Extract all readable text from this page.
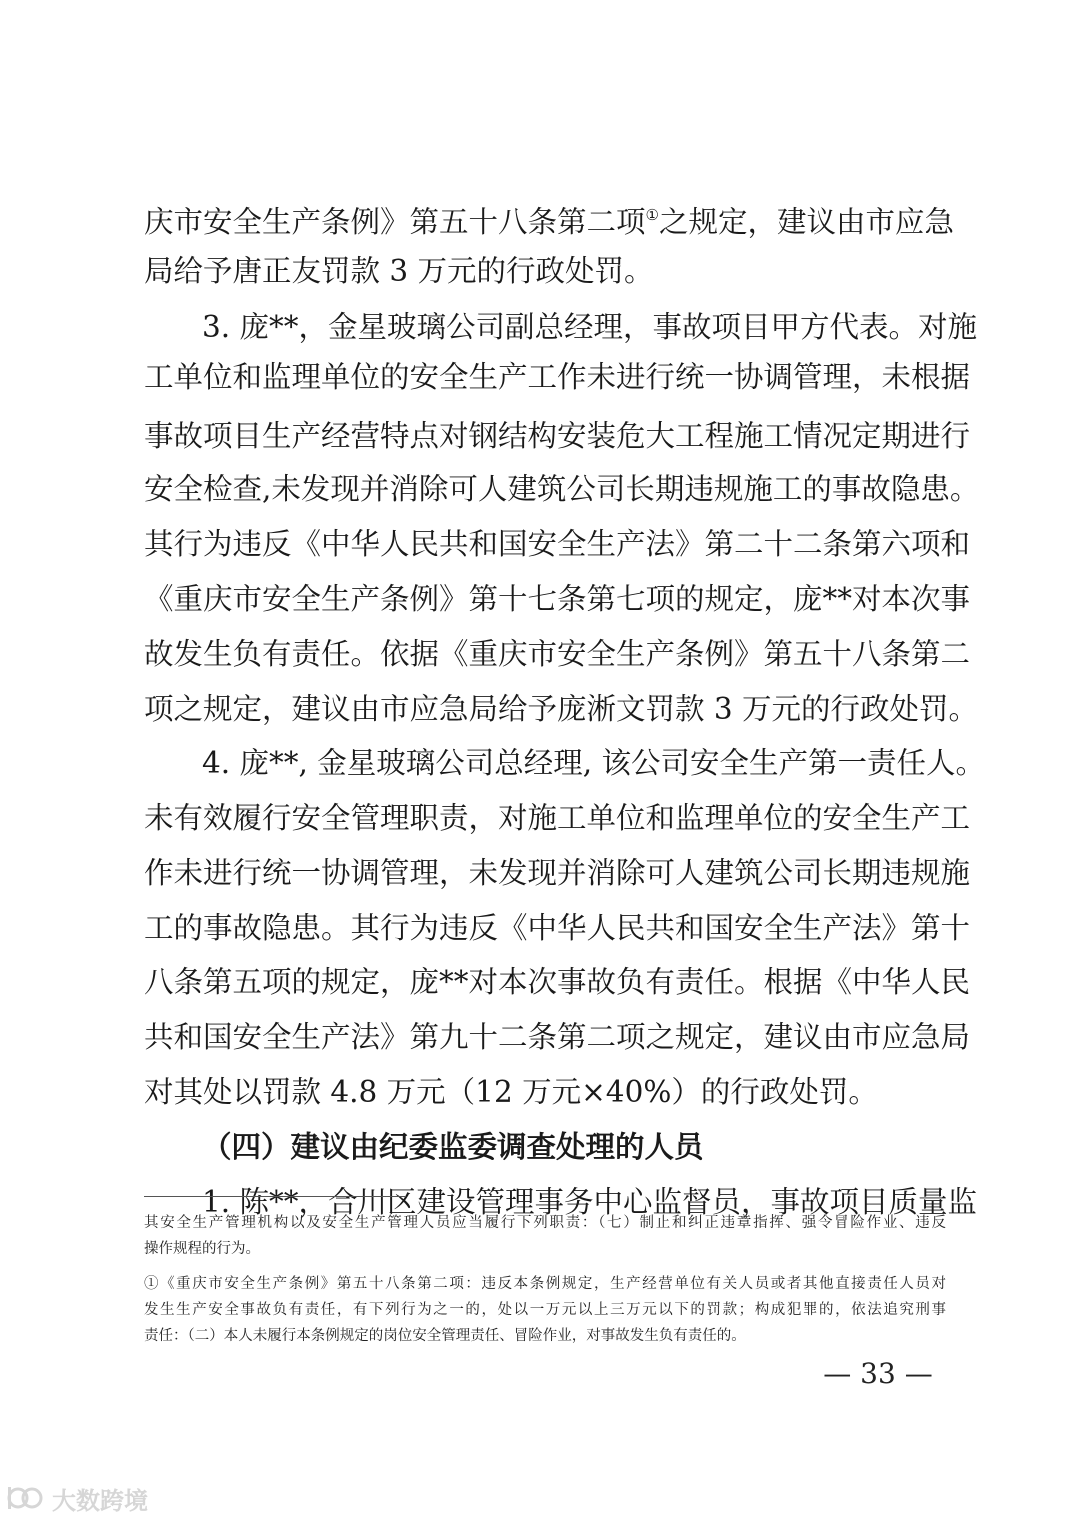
庆市安全生产条例》第五十八条第二项①之规定，建议由市应急
局给予唐正友罚款 3 万元的行政处罚。
3. 庞**，金星玻璃公司副总经理，事故项目甲方代表。对施
工单位和监理单位的安全生产工作未进行统一协调管理，未根据
事故项目生产经营特点对钢结构安装危大工程施工情况定期进行
安全检查,未发现并消除可人建筑公司长期违规施工的事故隐患。
其行为违反《中华人民共和国安全生产法》第二十二条第六项和
《重庆市安全生产条例》第十七条第七项的规定，庞**对本次事
故发生负有责任。依据《重庆市安全生产条例》第五十八条第二
项之规定，建议由市应急局给予庞淅文罚款 3 万元的行政处罚。
4. 庞**, 金星玻璃公司总经理, 该公司安全生产第一责任人。
未有效履行安全管理职责，对施工单位和监理单位的安全生产工
作未进行统一协调管理，未发现并消除可人建筑公司长期违规施
工的事故隐患。其行为违反《中华人民共和国安全生产法》第十
八条第五项的规定，庞**对本次事故负有责任。根据《中华人民
共和国安全生产法》第九十二条第二项之规定，建议由市应急局
对其处以罚款 4.8 万元（12 万元×40%）的行政处罚。
（四）建议由纪委监委调查处理的人员
1. 陈**，合川区建设管理事务中心监督员，事故项目质量监
其安全生产管理机构以及安全生产管理人员应当履行下列职责：（七）制止和纠正违章指挥、强令冒险作业、违反
操作规程的行为。
①《重庆市安全生产条例》第五十八条第二项：违反本条例规定，生产经营单位有关人员或者其他直接责任人员对
发生生产安全事故负有责任，有下列行为之一的，处以一万元以上三万元以下的罚款；构成犯罪的，依法追究刑事
责任：（二）本人未履行本条例规定的岗位安全管理责任、冒险作业，对事故发生负有责任的。
— 33 —
大数跨境
